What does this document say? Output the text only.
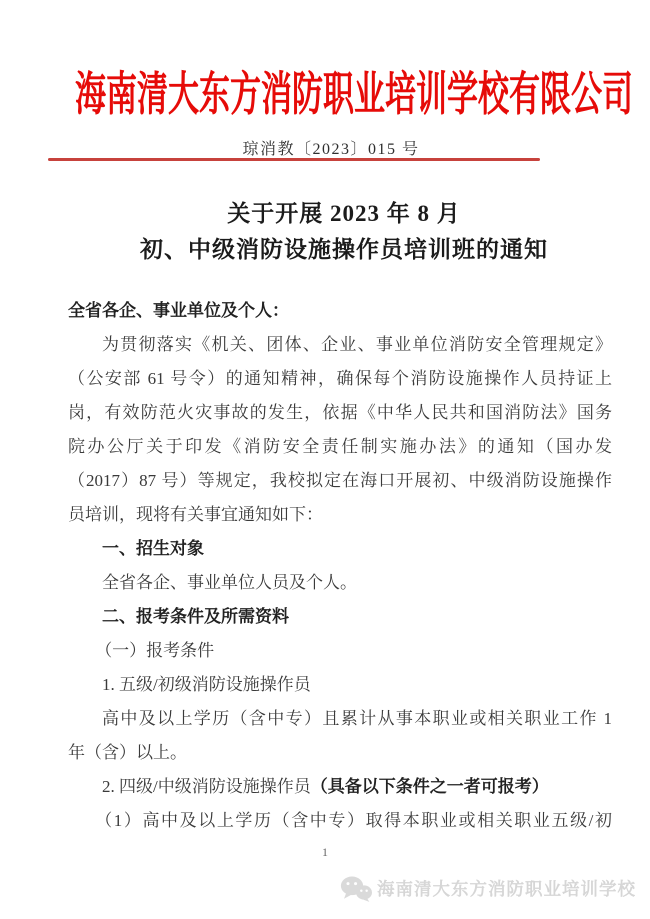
海南清大东方消防职业培训学校有限公司
琼消教〔2023〕015 号
关于开展 2023 年 8 月
初、中级消防设施操作员培训班的通知
全省各企、事业单位及个人：
为贯彻落实《机关、团体、企业、事业单位消防安全管理规定》
（公安部 61 号令）的通知精神，确保每个消防设施操作人员持证上
岗，有效防范火灾事故的发生，依据《中华人民共和国消防法》国务
院办公厅关于印发《消防安全责任制实施办法》的通知（国办发
（2017）87 号）等规定，我校拟定在海口开展初、中级消防设施操作
员培训，现将有关事宜通知如下：
一、招生对象
全省各企、事业单位人员及个人。
二、报考条件及所需资料
（一）报考条件
1. 五级/初级消防设施操作员
高中及以上学历（含中专）且累计从事本职业或相关职业工作 1
年（含）以上。
2. 四级/中级消防设施操作员（具备以下条件之一者可报考）
（1）高中及以上学历（含中专）取得本职业或相关职业五级/初
1
海南清大东方消防职业培训学校
